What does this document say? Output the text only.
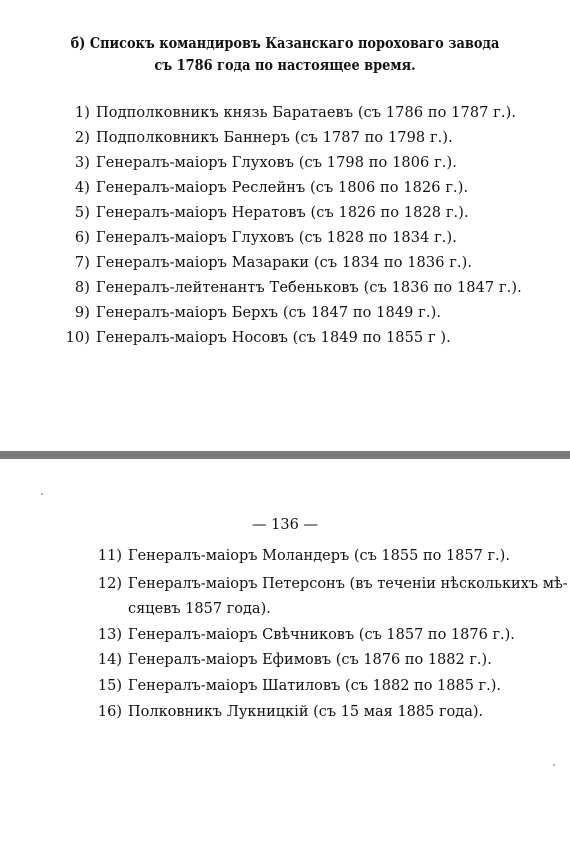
б) Списокъ командировъ Казанскаго пороховаго завода
съ 1786 года по настоящее время.
1) Подполковникъ князь Баратаевъ (съ 1786 по 1787 г.).
2) Подполковникъ Баннеръ (съ 1787 по 1798 г.).
3) Генералъ-маiоръ Глуховъ (съ 1798 по 1806 г.).
4) Генералъ-маiоръ Реслейнъ (съ 1806 по 1826 г.).
5) Генералъ-маiоръ Нератовъ (съ 1826 по 1828 г.).
6) Генералъ-маiоръ Глуховъ (съ 1828 по 1834 г.).
7) Генералъ-маiоръ Мазараки (съ 1834 по 1836 г.).
8) Генералъ-лейтенантъ Тебеньковъ (съ 1836 по 1847 г.).
9) Генералъ-маiоръ Берхъ (съ 1847 по 1849 г.).
10) Генералъ-маiоръ Носовъ (съ 1849 по 1855 г ).
— 136 —
11) Генералъ-маiоръ Моландеръ (съ 1855 по 1857 г.).
12) Генералъ-маiоръ Петерсонъ (въ теченiи нѣсколькихъ мѣ-
сяцевъ 1857 года).
13) Генералъ-маiоръ Свѣчниковъ (съ 1857 по 1876 г.).
14) Генералъ-маiоръ Ефимовъ (съ 1876 по 1882 г.).
15) Генералъ-маiоръ Шатиловъ (съ 1882 по 1885 г.).
16) Полковникъ Лукницкiй (съ 15 мая 1885 года).
